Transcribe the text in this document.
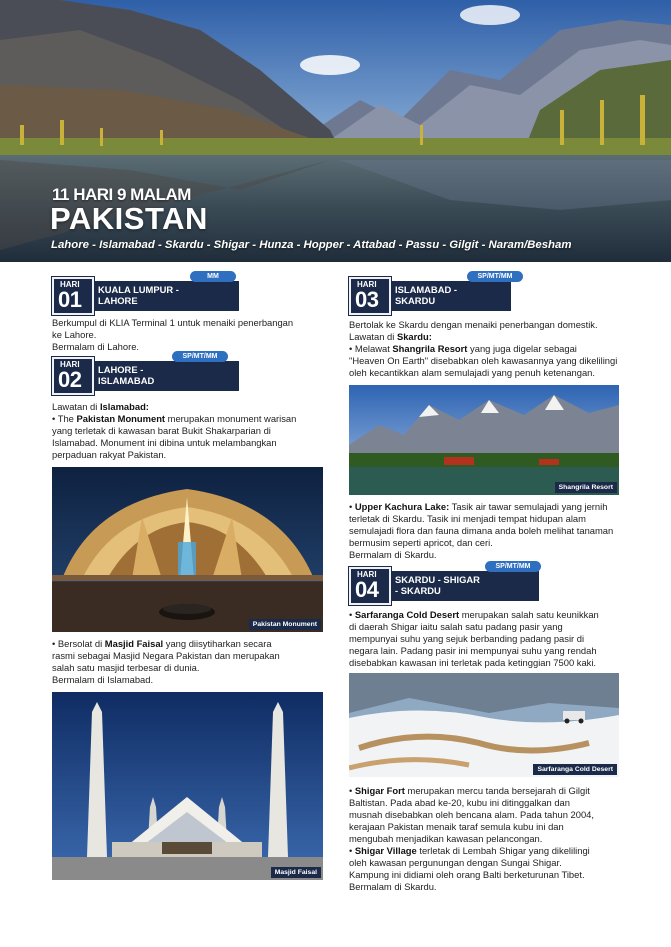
11 HARI 9 MALAM
PAKISTAN
Lahore - Islamabad - Skardu - Shigar - Hunza - Hopper - Attabad - Passu - Gilgit - Naram/Besham
HARI
01 KUALA LUMPUR -
LAHORE
MM
Berkumpul di KLIA Terminal 1 untuk menaiki penerbangan
ke Lahore.
Bermalam di Lahore.
HARI
02 LAHORE -
ISLAMABAD
SP/MT/MM
Lawatan di Islamabad:
• The Pakistan Monument merupakan monument warisan
yang terletak di kawasan barat Bukit Shakarparian di
Islamabad. Monument ini dibina untuk melambangkan
perpaduan rakyat Pakistan.
Pakistan Monument
• Bersolat di Masjid Faisal yang diisytiharkan secara
rasmi sebagai Masjid Negara Pakistan dan merupakan
salah satu masjid terbesar di dunia.
Bermalam di Islamabad.
Masjid Faisal
HARI
03 ISLAMABAD -
SKARDU
SP/MT/MM
Bertolak ke Skardu dengan menaiki penerbangan domestik.
Lawatan di Skardu:
• Melawat Shangrila Resort yang juga digelar sebagai
"Heaven On Earth" disebabkan oleh kawasannya yang dikelilingi
oleh kecantikkan alam semulajadi yang penuh ketenangan.
Shangrila Resort
• Upper Kachura Lake: Tasik air tawar semulajadi yang jernih
terletak di Skardu. Tasik ini menjadi tempat hidupan alam
semulajadi flora dan fauna dimana anda boleh melihat tanaman
bermusim seperti apricot, dan ceri.
Bermalam di Skardu.
HARI
04 SKARDU - SHIGAR
- SKARDU
SP/MT/MM
• Sarfaranga Cold Desert merupakan salah satu keunikkan
di daerah Shigar iaitu salah satu padang pasir yang
mempunyai suhu yang sejuk berbanding padang pasir di
negara lain. Padang pasir ini mempunyai suhu yang rendah
disebabkan kawasan ini terletak pada ketinggian 7500 kaki.
Sarfaranga Cold Desert
• Shigar Fort merupakan mercu tanda bersejarah di Gilgit
Baltistan. Pada abad ke-20, kubu ini ditinggalkan dan
musnah disebabkan oleh bencana alam. Pada tahun 2004,
kerajaan Pakistan menaik taraf semula kubu ini dan
mengubah menjadikan kawasan pelancongan.
• Shigar Village terletak di Lembah Shigar yang dikelilingi
oleh kawasan pergunungan dengan Sungai Shigar.
Kampung ini didiami oleh orang Balti berketurunan Tibet.
Bermalam di Skardu.
